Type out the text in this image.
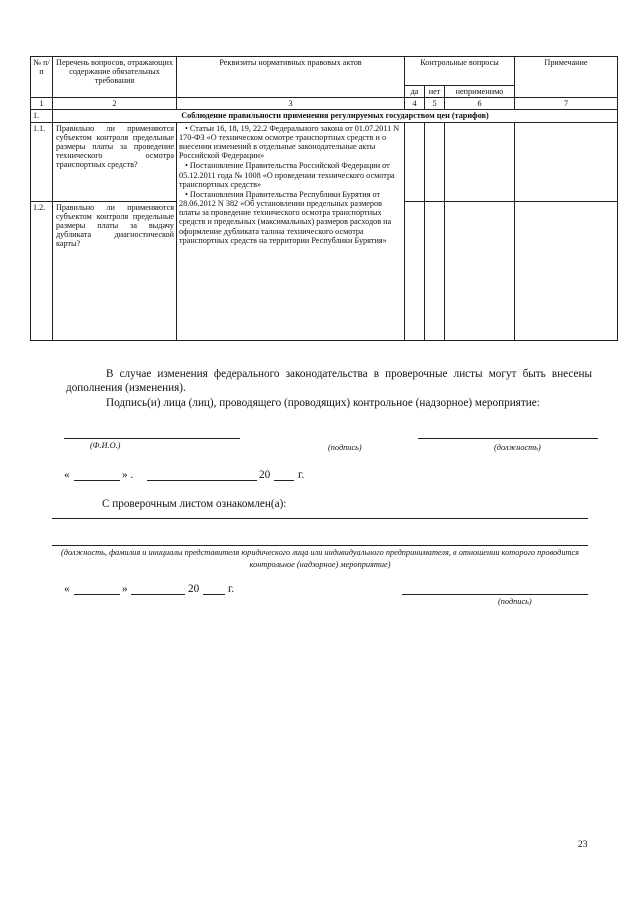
№ п/п	Перечень вопросов, отражающих содержание обязательных требования	Реквизиты нормативных правовых актов	Контрольные вопросы			Примечание
			да	нет	неприменимо	
1	2	3	4	5	6	7
1.	Соблюдение правильности применения регулируемых государством цен (тарифов)					
1.1.	Правильно ли применяются субъектом контроля предельные размеры платы за проведение технического осмотра транспортных средств?	• Статьи 16, 18, 19, 22.2 Федерального закона от 01.07.2011 N 170-ФЗ «О техническом осмотре транспортных средств и о внесении изменений в отдельные законодательные акты Российской Федерации»
• Постановление Правительства Российской Федерации от 05.12.2011 года № 1008 «О проведении технического осмотра транспортных средств»
• Постановления Правительства Республики Бурятия от 28.06.2012 N 382 «Об установлении предельных размеров платы за проведение технического осмотра транспортных средств и предельных (максимальных) размеров расходов на оформление дубликата талона технического осмотра транспортных средств на территории Республики Бурятия»				

1.2.	Правильно ли применяются субъектом контроля предельные размеры платы за выдачу дубликата диагностической карты?					
В случае изменения федерального законодательства в проверочные листы могут быть внесены дополнения (изменения).
Подпись(и) лица (лиц), проводящего (проводящих) контрольное (надзорное) мероприятие:
(Ф.И.О.)	(подпись)	(должность)
«	» .	20 г.
С проверочным листом ознакомлен(а):
(должность, фамилия и инициалы представителя юридического лица или индивидуального предпринимателя, в отношении которого проводится контрольное (надзорное) мероприятие)
«	»	20	г.
(подпись)
23
